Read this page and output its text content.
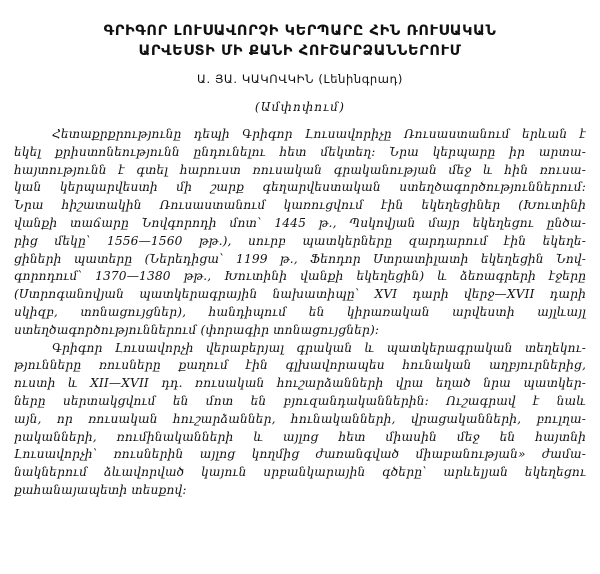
ԳՐԻԳՈՐ ԼՈՒՍԱՎՈՐՉԻ ԿԵՐՊԱՐԸ ՀԻՆ ՌՈՒՍԱԿԱՆ
ԱՐՎԵՍՏԻ ՄԻ ՔԱՆԻ ՀՈՒՇԱՐՁԱՆՆԵՐՈՒՄ
Ա. ՅԱ. ԿԱԿՈՎԿԻՆ (Լենինգրադ)
(Ամփոփում)
Հետաքրքրությունը դեպի Գրիգոր Լուսավորիչը Ռուսաստանում երևան է
եկել քրիստոնեությունն ընդունելու հետ մեկտեղ։ Նրա կերպարը իր արտա-
հայտությունն է գտել հարուստ ռուսական գրականության մեջ և հին ռուսա-
կան կերպարվեստի մի շարք գեղարվեստական ստեղծագործություններում։
Նրա հիշատակին Ռուսաստանում կառուցվում էին եկեղեցիներ (Խուտինի
վանքի տաճարը Նովգորոդի մոտ՝ 1445 թ., Պսկովյան մայր եկեղեցու ընծա-
րից մեկը՝ 1556—1560 թթ.), սուրբ պատկերները զարդարում էին եկեղե-
ցիների պատերը (Ներեդիցա՝ 1199 թ., Ֆեոդոր Ստրատիլատի եկեղեցին Նով-
գորոդում՝ 1370—1380 թթ., Խուտինի վանքի եկեղեցին) և ձեռագրերի էջերը
(Ստրոգանովյան պատկերագրային նախատիպը՝ XVI դարի վերջ—XVII դարի
սկիզբ, տոնացույցներ), հանդիպում են կիրառական արվեստի այլևայլ
ստեղծագործություններում (փորագիր տոնացույցներ)։
Գրիգոր Լուսավորչի վերաբերյալ գրական և պատկերագրական տեղեկու-
թյունները ռուսները քաղում էին գլխավորապես հունական աղբյուրներից,
ուստի և XII—XVII դդ. ռուսական հուշարձանների վրա եղած նրա պատկեր-
ները սերտակցվում են մոտ են բյուզանդականներին։ Ուշագրավ է նաև
այն, որ ռուսական հուշարձաններ, հունականների, վրացականների, բուլղա-
րականների, ռումինականների և այլոց հետ միասին մեջ են հայտնի
Լուսավորչի՝ ռուսներին այլոց կողմից ժառանգված միաբանության» ժամա-
նակներում ձևավորված կայուն սրբանկարային գծերը՝ արևելյան եկեղեցու
քահանայապետի տեսքով։
